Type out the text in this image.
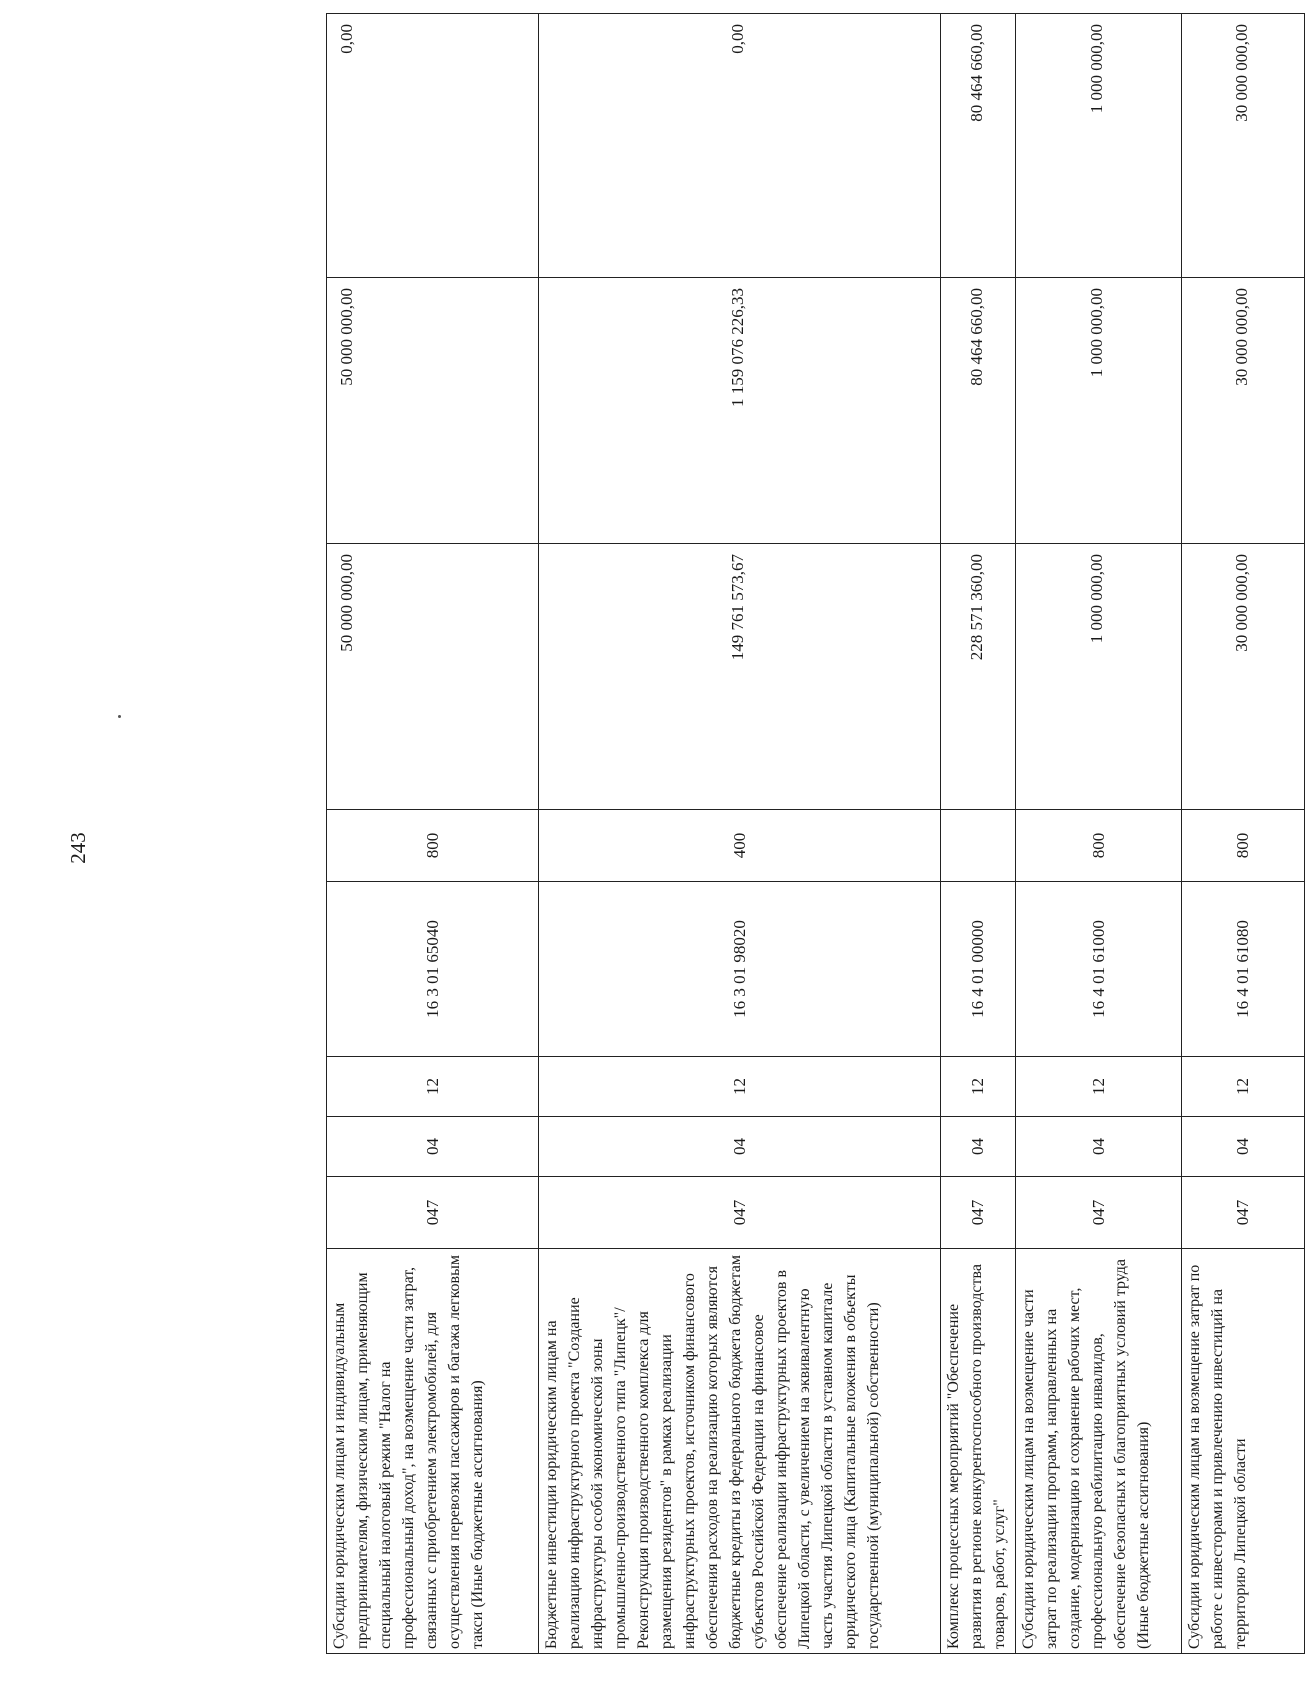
243
Субсидии юридическим лицам и индивидуальным предпринимателям, физическим лицам, применяющим специальный налоговый режим "Налог на профессиональный доход", на возмещение части затрат, связанных с приобретением электромобилей, для осуществления перевозки пассажиров и багажа легковым такси (Иные бюджетные ассигнования)	047	04	12	16 3 01 65040	800	50 000 000,00	50 000 000,00	0,00
Бюджетные инвестиции юридическим лицам на реализацию инфраструктурного проекта "Создание инфраструктуры особой экономической зоны промышленно-производственного типа "Липецк"/Реконструкция производственного комплекса для размещения резидентов" в рамках реализации инфраструктурных проектов, источником финансового обеспечения расходов на реализацию которых являются бюджетные кредиты из федерального бюджета бюджетам субъектов Российской Федерации на финансовое обеспечение реализации инфраструктурных проектов в Липецкой области, с увеличением на эквивалентную часть участия Липецкой области в уставном капитале юридического лица (Капитальные вложения в объекты государственной (муниципальной) собственности)	047	04	12	16 3 01 98020	400	149 761 573,67	1 159 076 226,33	0,00
Комплекс процессных мероприятий "Обеспечение развития в регионе конкурентоспособного производства товаров, работ, услуг"	047	04	12	16 4 01 00000		228 571 360,00	80 464 660,00	80 464 660,00
Субсидии юридическим лицам на возмещение части затрат по реализации программ, направленных на создание, модернизацию и сохранение рабочих мест, профессиональную реабилитацию инвалидов, обеспечение безопасных и благоприятных условий труда (Иные бюджетные ассигнования)	047	04	12	16 4 01 61000	800	1 000 000,00	1 000 000,00	1 000 000,00
Субсидии юридическим лицам на возмещение затрат по работе с инвесторами и привлечению инвестиций на территорию Липецкой области	047	04	12	16 4 01 61080	800	30 000 000,00	30 000 000,00	30 000 000,00
